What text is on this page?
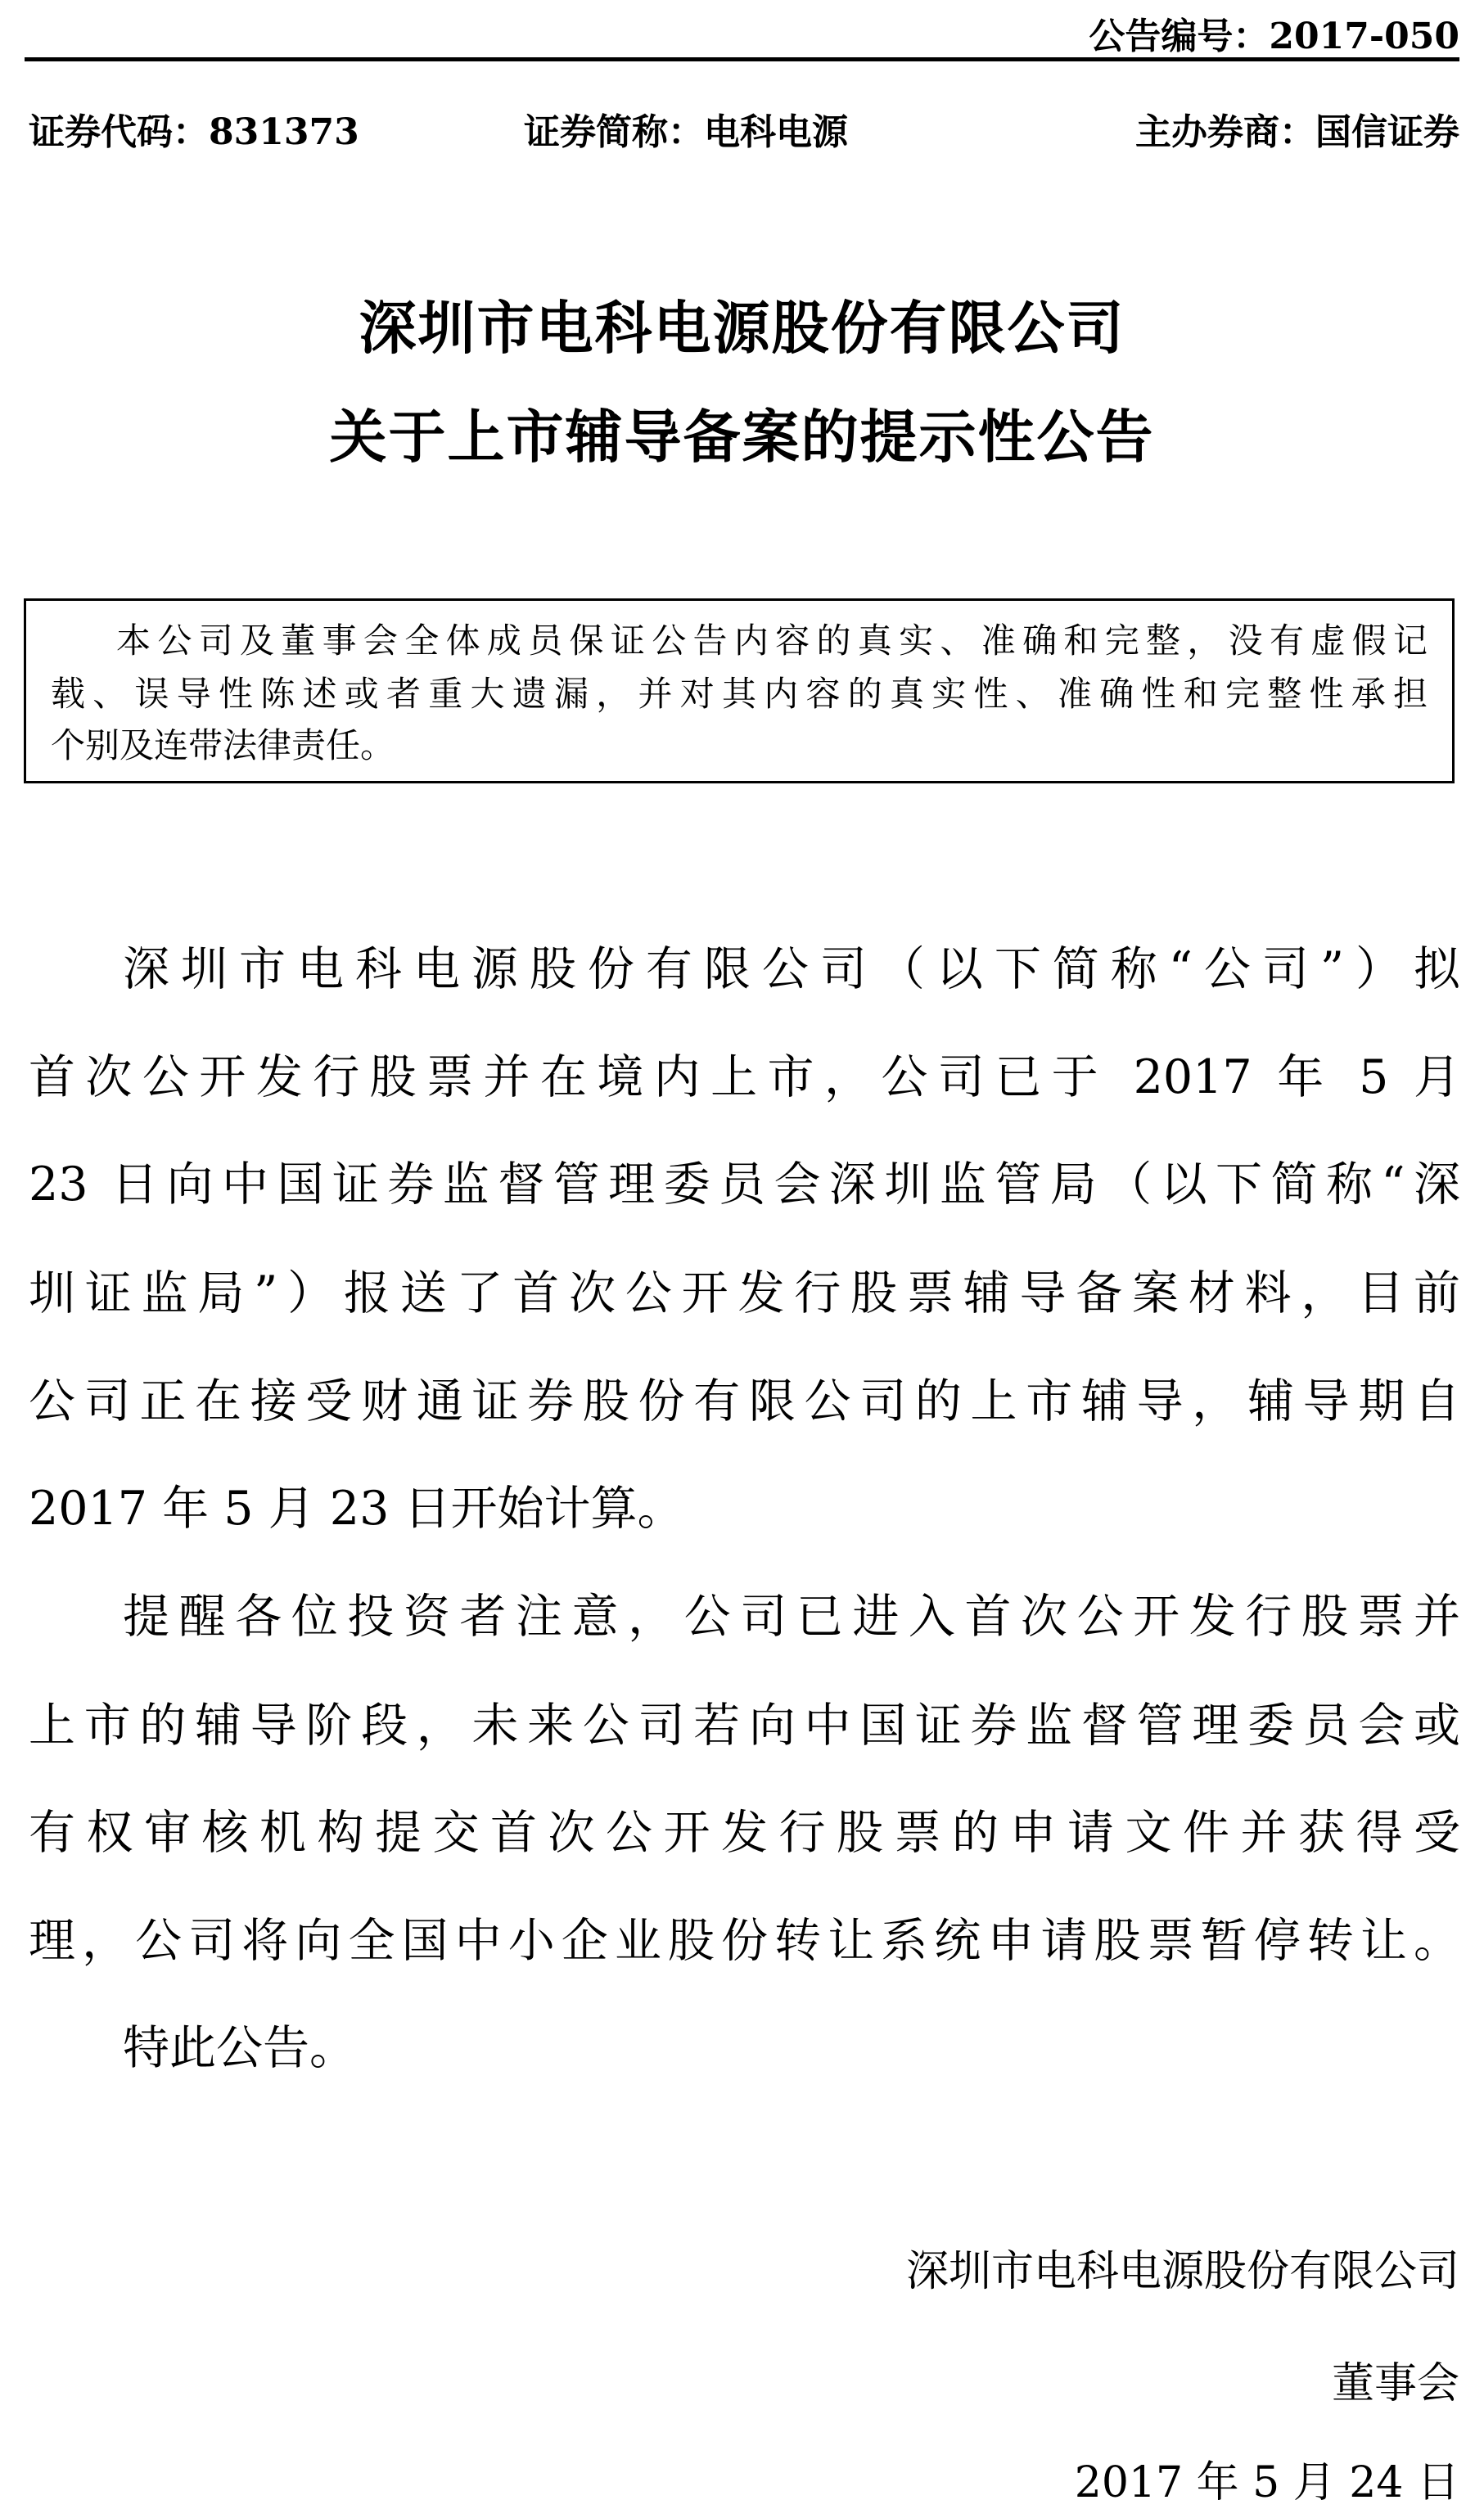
公告编号：2017-050
证券代码：831373	证券简称：电科电源	主办券商：国信证券
深圳市电科电源股份有限公司
关于上市辅导备案的提示性公告
本公司及董事会全体成员保证公告内容的真实、准确和完整，没有虚假记
载、误导性陈述或者重大遗漏，并对其内容的真实性、准确性和完整性承担
个别及连带法律责任。
深圳市电科电源股份有限公司（以下简称“公司”）拟
首次公开发行股票并在境内上市，公司已于 2017 年 5 月
23 日向中国证券监督管理委员会深圳监管局（以下简称“深
圳证监局”）报送了首次公开发行股票辅导备案材料，目前
公司正在接受财通证券股份有限公司的上市辅导，辅导期自
2017 年 5 月 23 日开始计算。
提醒各位投资者注意，公司已进入首次公开发行股票并
上市的辅导阶段，未来公司若向中国证券监督管理委员会或
有权审核机构提交首次公开发行股票的申请文件并获得受
理，公司将向全国中小企业股份转让系统申请股票暂停转让。
特此公告。
深圳市电科电源股份有限公司
董事会
2017 年 5 月 24 日
